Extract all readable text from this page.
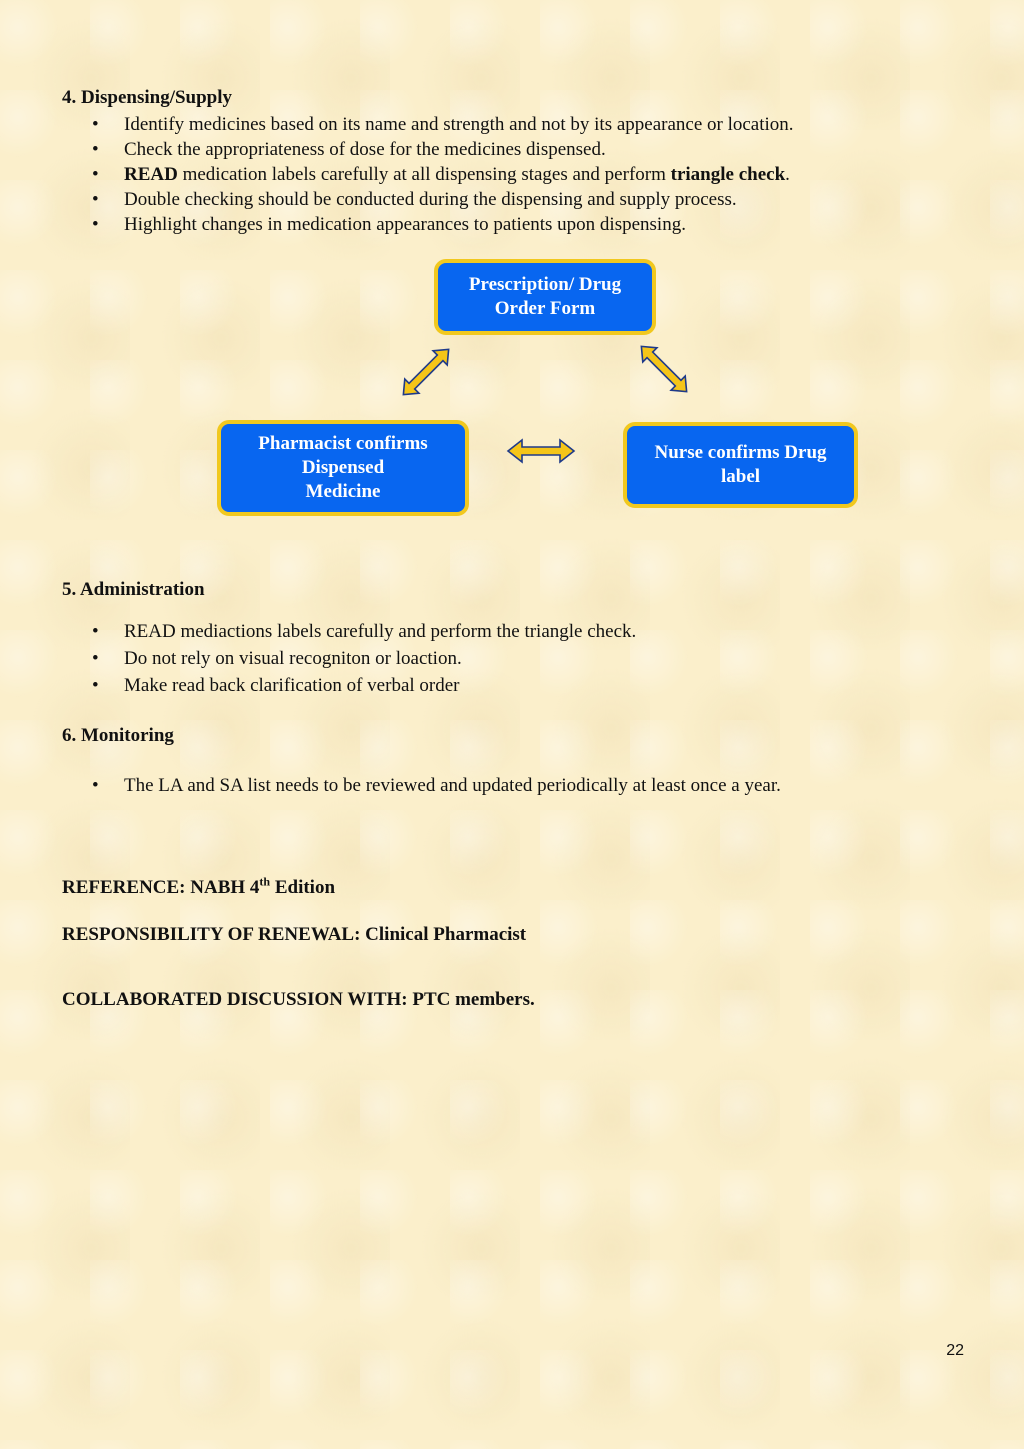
4. Dispensing/Supply
• Identify medicines based on its name and strength and not by its appearance or location.
• Check the appropriateness of dose for the medicines dispensed.
• READ medication labels carefully at all dispensing stages and perform triangle check.
• Double checking should be conducted during the dispensing and supply process.
• Highlight changes in medication appearances to patients upon dispensing.
Prescription/ Drug
Order Form
Pharmacist confirms
Dispensed
Medicine
Nurse confirms Drug
label
5. Administration
• READ mediactions labels carefully and perform the triangle check.
• Do not rely on visual recogniton or loaction.
• Make read back clarification of verbal order
6. Monitoring
• The LA and SA list needs to be reviewed and updated periodically at least once a year.
REFERENCE: NABH 4th Edition
RESPONSIBILITY OF RENEWAL: Clinical Pharmacist
COLLABORATED DISCUSSION WITH: PTC members.
22
